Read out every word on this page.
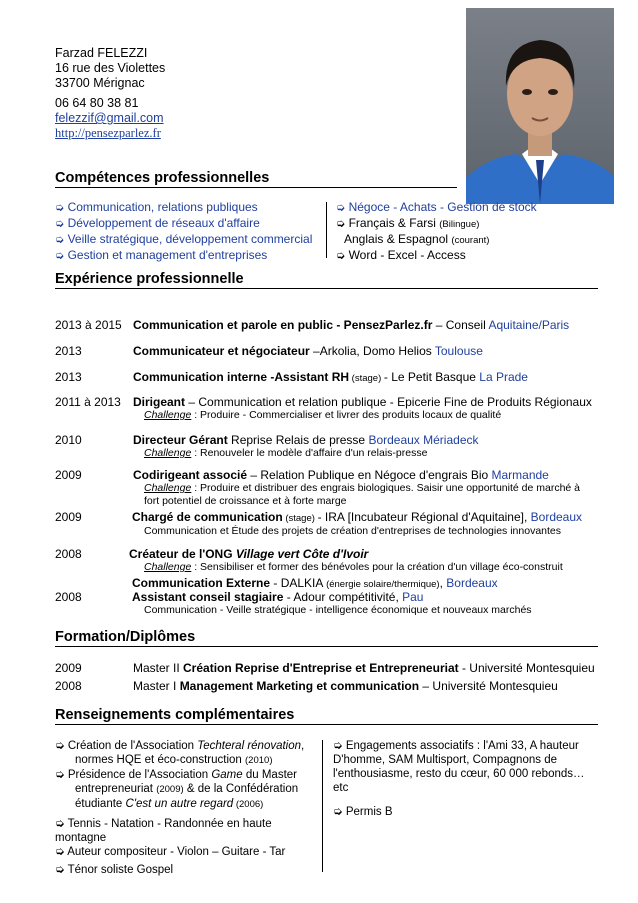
Farzad FELEZZI
16 rue des Violettes
33700 Mérignac
06 64 80 38 81
felezzif@gmail.com
http://pensezparlez.fr
Compétences professionnelles
➭ Communication, relations publiques
➭ Développement de réseaux d'affaire
➭ Veille stratégique, développement commercial
➭ Gestion et management d'entreprises
➭ Négoce - Achats - Gestion de stock
➭ Français & Farsi (Bilingue)
Anglais & Espagnol (courant)
➭ Word - Excel - Access
Expérience professionnelle
2013 à 2015 Communication et parole en public - PensezParlez.fr – Conseil Aquitaine/Paris
2013	Communicateur et négociateur –Arkolia, Domo Helios Toulouse
2013	Communication interne -Assistant RH (stage) - Le Petit Basque La Prade
2011 à 2013 Dirigeant – Communication et relation publique - Epicerie Fine de Produits Régionaux
Challenge : Produire - Commercialiser et livrer des produits locaux de qualité
2010	Directeur Gérant Reprise Relais de presse Bordeaux Mériadeck
Challenge : Renouveler le modèle d'affaire d'un relais-presse
2009	Codirigeant associé – Relation Publique en Négoce d'engrais Bio Marmande
Challenge : Produire et distribuer des engrais biologiques. Saisir une opportunité de marché à
fort potentiel de croissance et à forte marge
2009	Chargé de communication (stage) - IRA [Incubateur Régional d'Aquitaine], Bordeaux
Communication et Étude des projets de création d'entreprises de technologies innovantes
2008	Créateur de l'ONG Village vert Côte d'Ivoir
Challenge : Sensibiliser et former des bénévoles pour la création d'un village éco-construit
Communication Externe - DALKIA (énergie solaire/thermique), Bordeaux
2008	Assistant conseil stagiaire - Adour compétitivité, Pau
Communication - Veille stratégique - intelligence économique et nouveaux marchés
Formation/Diplômes
2009	Master II Création Reprise d'Entreprise et Entrepreneuriat - Université Montesquieu
2008	Master I Management Marketing et communication – Université Montesquieu
Renseignements complémentaires
➭ Création de l'Association Techteral rénovation,
normes HQE et éco-construction (2010)
➭ Présidence de l'Association Game du Master
entrepreneuriat (2009) & de la Confédération
étudiante C'est un autre regard (2006)
➭ Tennis - Natation - Randonnée en haute
montagne
➭ Auteur compositeur - Violon – Guitare - Tar
➭ Ténor soliste Gospel
➭ Engagements associatifs : l'Ami 33, A hauteur
D'homme, SAM Multisport, Compagnons de
l'enthousiasme, resto du cœur, 60 000 rebonds… etc
➭ Permis B
